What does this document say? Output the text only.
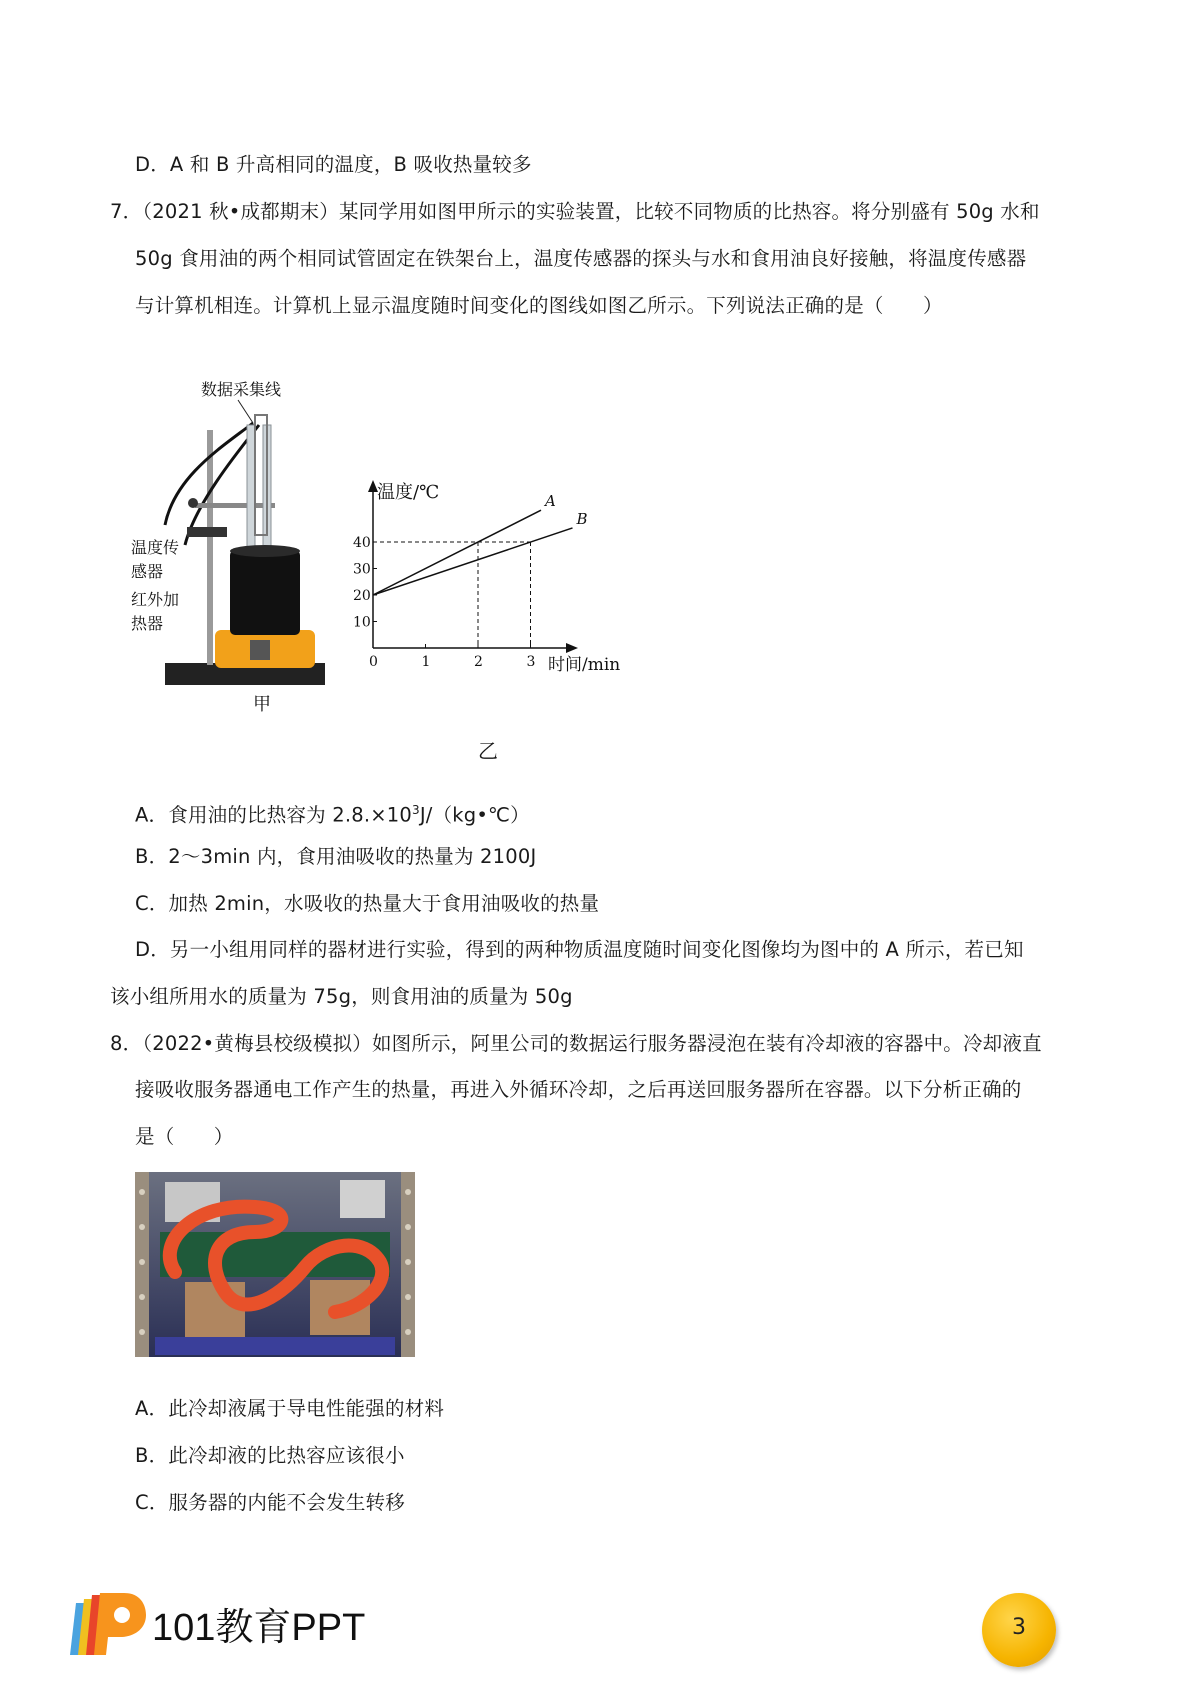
D．A 和 B 升高相同的温度，B 吸收热量较多
7．（2021 秋•成都期末）某同学用如图甲所示的实验装置，比较不同物质的比热容。将分别盛有 50g 水和
50g 食用油的两个相同试管固定在铁架台上，温度传感器的探头与水和食用油良好接触，将温度传感器
与计算机相连。计算机上显示温度随时间变化的图线如图乙所示。下列说法正确的是（　　）
数据采集线
温度传
感器
红外加
热器
甲
A
B
0	1	2	3
10
20
30
40
温度/℃
时间/min
乙
A．食用油的比热容为 $2.8.\times 10^3J/(kg•℃)$
B．2～3min 内，食用油吸收的热量为 2100J
C．加热 2min，水吸收的热量大于食用油吸收的热量
D．另一小组用同样的器材进行实验，得到的两种物质温度随时间变化图像均为图中的 A 所示，若已知
该小组所用水的质量为 75g，则食用油的质量为 50g
8．（2022•黄梅县校级模拟）如图所示，阿里公司的数据运行服务器浸泡在装有冷却液的容器中。冷却液直
接吸收服务器通电工作产生的热量，再进入外循环冷却，之后再送回服务器所在容器。以下分析正确的
是（　　）
A．此冷却液属于导电性能强的材料
B．此冷却液的比热容应该很小
C．服务器的内能不会发生转移
101教育PPT	3
